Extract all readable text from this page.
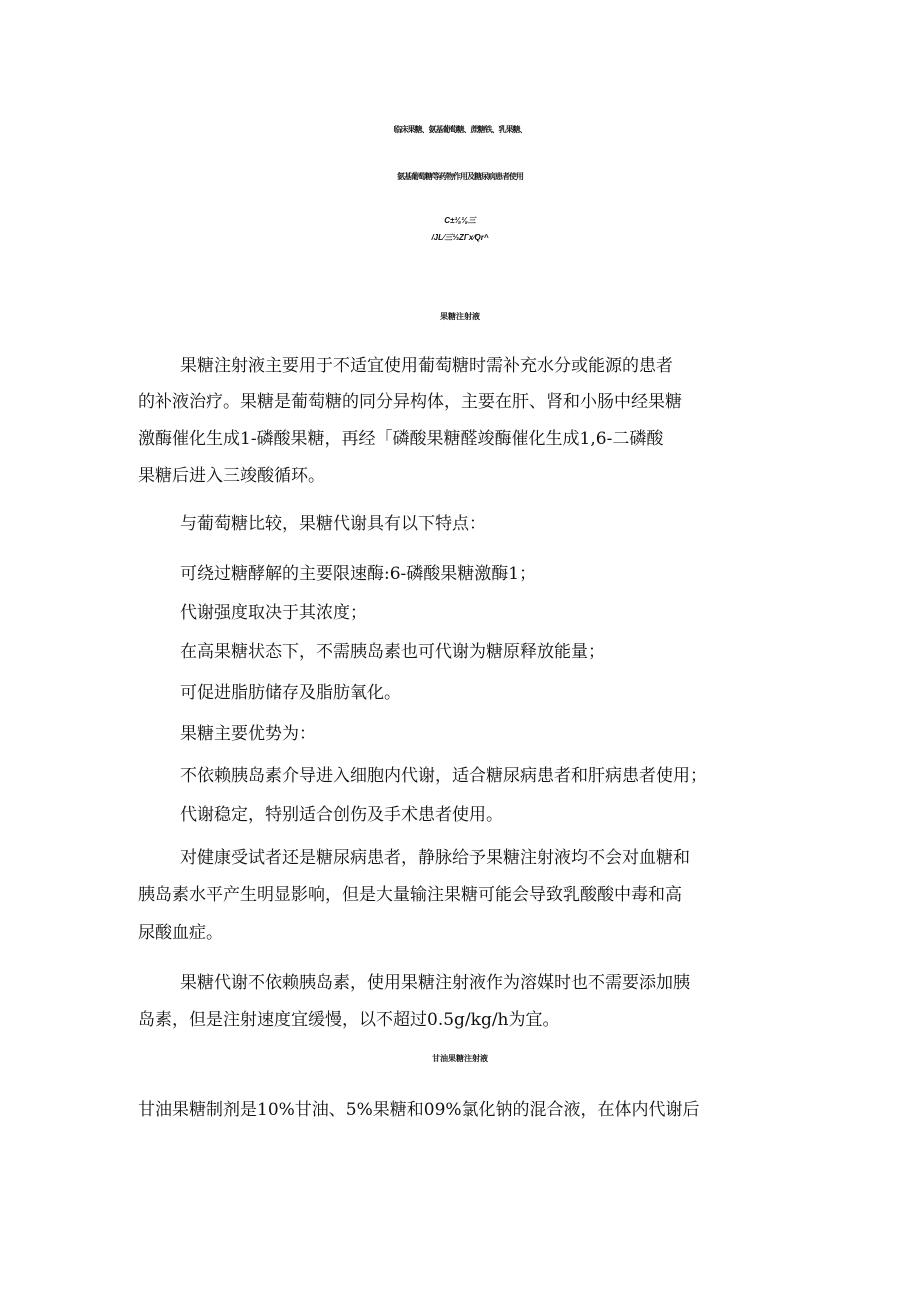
临床果糖、氨基葡萄糖、蔗糖铁、乳果糖、
氨基葡萄糖等药物作用及糖尿病患者使用
C±⅛⅛三
/JL⁄三⅓ZΓx⁄Qr^
果糖注射液

果糖注射液主要用于不适宜使用葡萄糖时需补充水分或能源的患者

的补液治疗。果糖是葡萄糖的同分异构体，主要在肝、肾和小肠中经果糖

激酶催化生成1-磷酸果糖，再经「磷酸果糖醛竣酶催化生成1,6-二磷酸

果糖后进入三竣酸循环。

与葡萄糖比较，果糖代谢具有以下特点：

可绕过糖酵解的主要限速酶:6-磷酸果糖激酶1；

代谢强度取决于其浓度；

在高果糖状态下，不需胰岛素也可代谢为糖原释放能量；

可促进脂肪储存及脂肪氧化。

果糖主要优势为：

不依赖胰岛素介导进入细胞内代谢，适合糖尿病患者和肝病患者使用；

代谢稳定，特别适合创伤及手术患者使用。

对健康受试者还是糖尿病患者，静脉给予果糖注射液均不会对血糖和

胰岛素水平产生明显影响，但是大量输注果糖可能会导致乳酸酸中毒和高

尿酸血症。

果糖代谢不依赖胰岛素，使用果糖注射液作为溶媒时也不需要添加胰

岛素，但是注射速度宜缓慢，以不超过0.5g/kg/h为宜。

甘油果糖注射液

甘油果糖制剂是10%甘油、5%果糖和09%氯化钠的混合液，在体内代谢后
